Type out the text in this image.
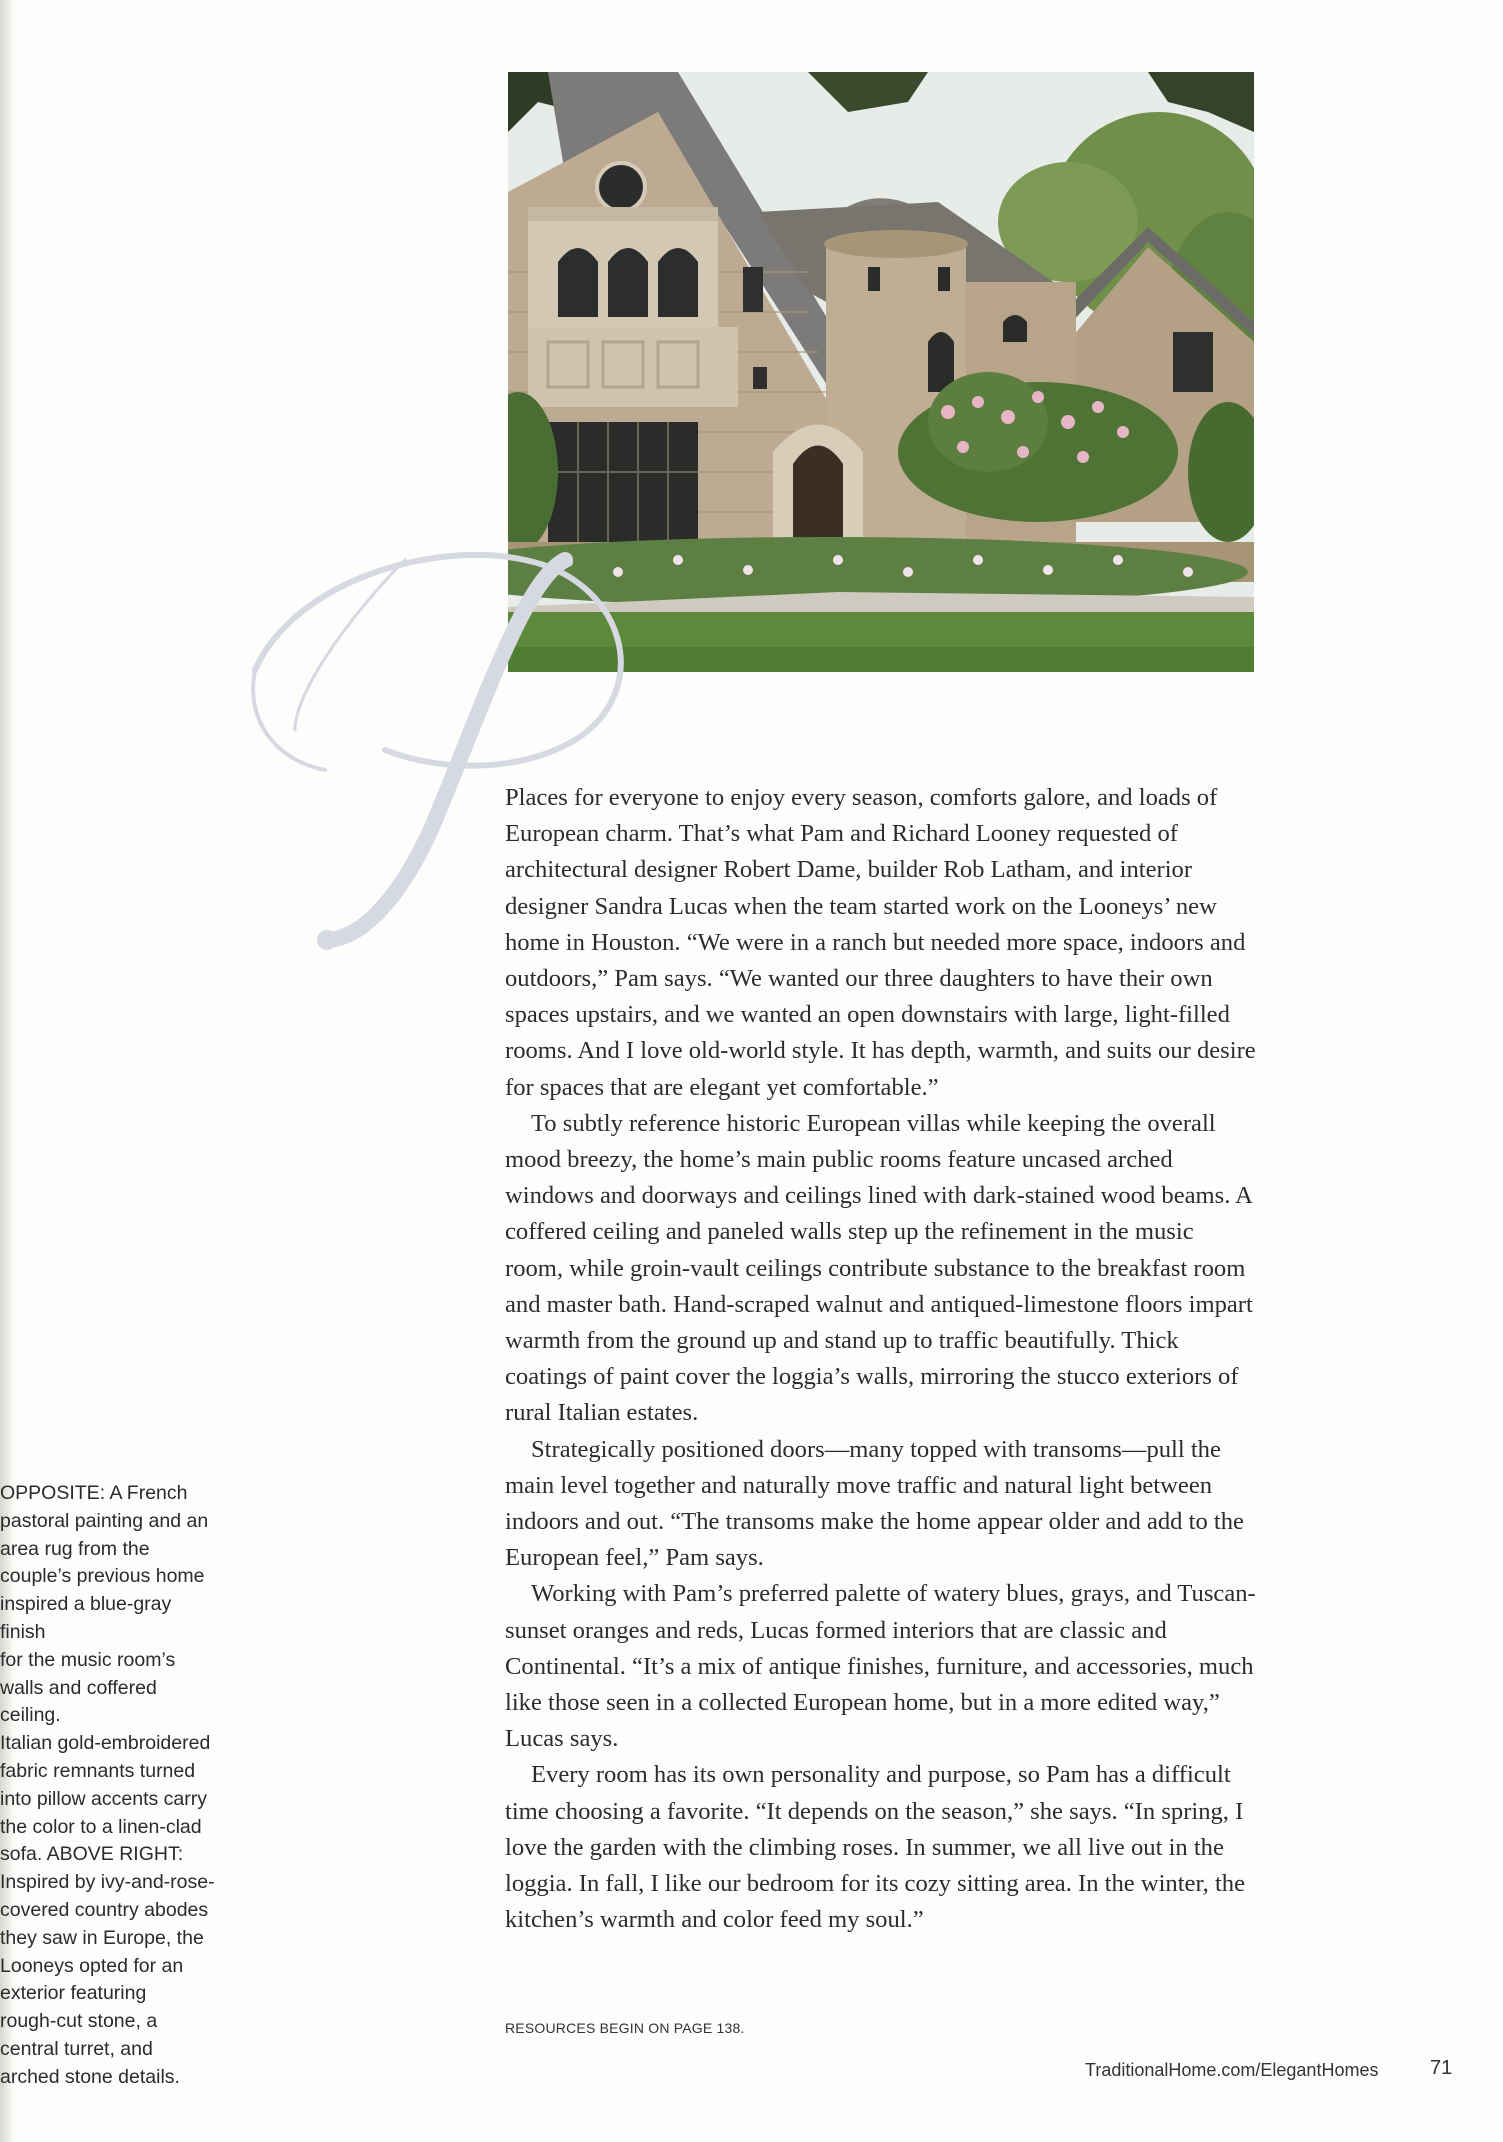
Places for everyone to enjoy every season, comforts galore, and loads of European charm. That’s what Pam and Richard Looney requested of architectural designer Robert Dame, builder Rob Latham, and interior designer Sandra Lucas when the team started work on the Looneys’ new home in Houston. “We were in a ranch but needed more space, indoors and outdoors,” Pam says. “We wanted our three daughters to have their own spaces upstairs, and we wanted an open downstairs with large, light-filled rooms. And I love old-world style. It has depth, warmth, and suits our desire for spaces that are elegant yet comfortable.”

To subtly reference historic European villas while keeping the overall mood breezy, the home’s main public rooms feature uncased arched windows and doorways and ceilings lined with dark-stained wood beams. A coffered ceiling and paneled walls step up the refinement in the music room, while groin-vault ceilings contribute substance to the breakfast room and master bath. Hand-scraped walnut and antiqued-limestone floors impart warmth from the ground up and stand up to traffic beautifully. Thick coatings of paint cover the loggia’s walls, mirroring the stucco exteriors of rural Italian estates.

Strategically positioned doors—many topped with transoms—pull the main level together and naturally move traffic and natural light between indoors and out. “The transoms make the home appear older and add to the European feel,” Pam says.

Working with Pam’s preferred palette of watery blues, grays, and Tuscan-sunset oranges and reds, Lucas formed interiors that are classic and Continental. “It’s a mix of antique finishes, furniture, and accessories, much like those seen in a collected European home, but in a more edited way,” Lucas says.

Every room has its own personality and purpose, so Pam has a difficult time choosing a favorite. “It depends on the season,” she says. “In spring, I love the garden with the climbing roses. In summer, we all live out in the loggia. In fall, I like our bedroom for its cozy sitting area. In the winter, the kitchen’s warmth and color feed my soul.”

RESOURCES BEGIN ON PAGE 138.
OPPOSITE: A French
pastoral painting and an
area rug from the
couple’s previous home
inspired a blue-gray finish
for the music room’s
walls and coffered ceiling.
Italian gold-embroidered
fabric remnants turned
into pillow accents carry
the color to a linen-clad
sofa. ABOVE RIGHT:
Inspired by ivy-and-rose-
covered country abodes
they saw in Europe, the
Looneys opted for an
exterior featuring
rough-cut stone, a
central turret, and
arched stone details.	TraditionalHome.com/ElegantHomes	71
